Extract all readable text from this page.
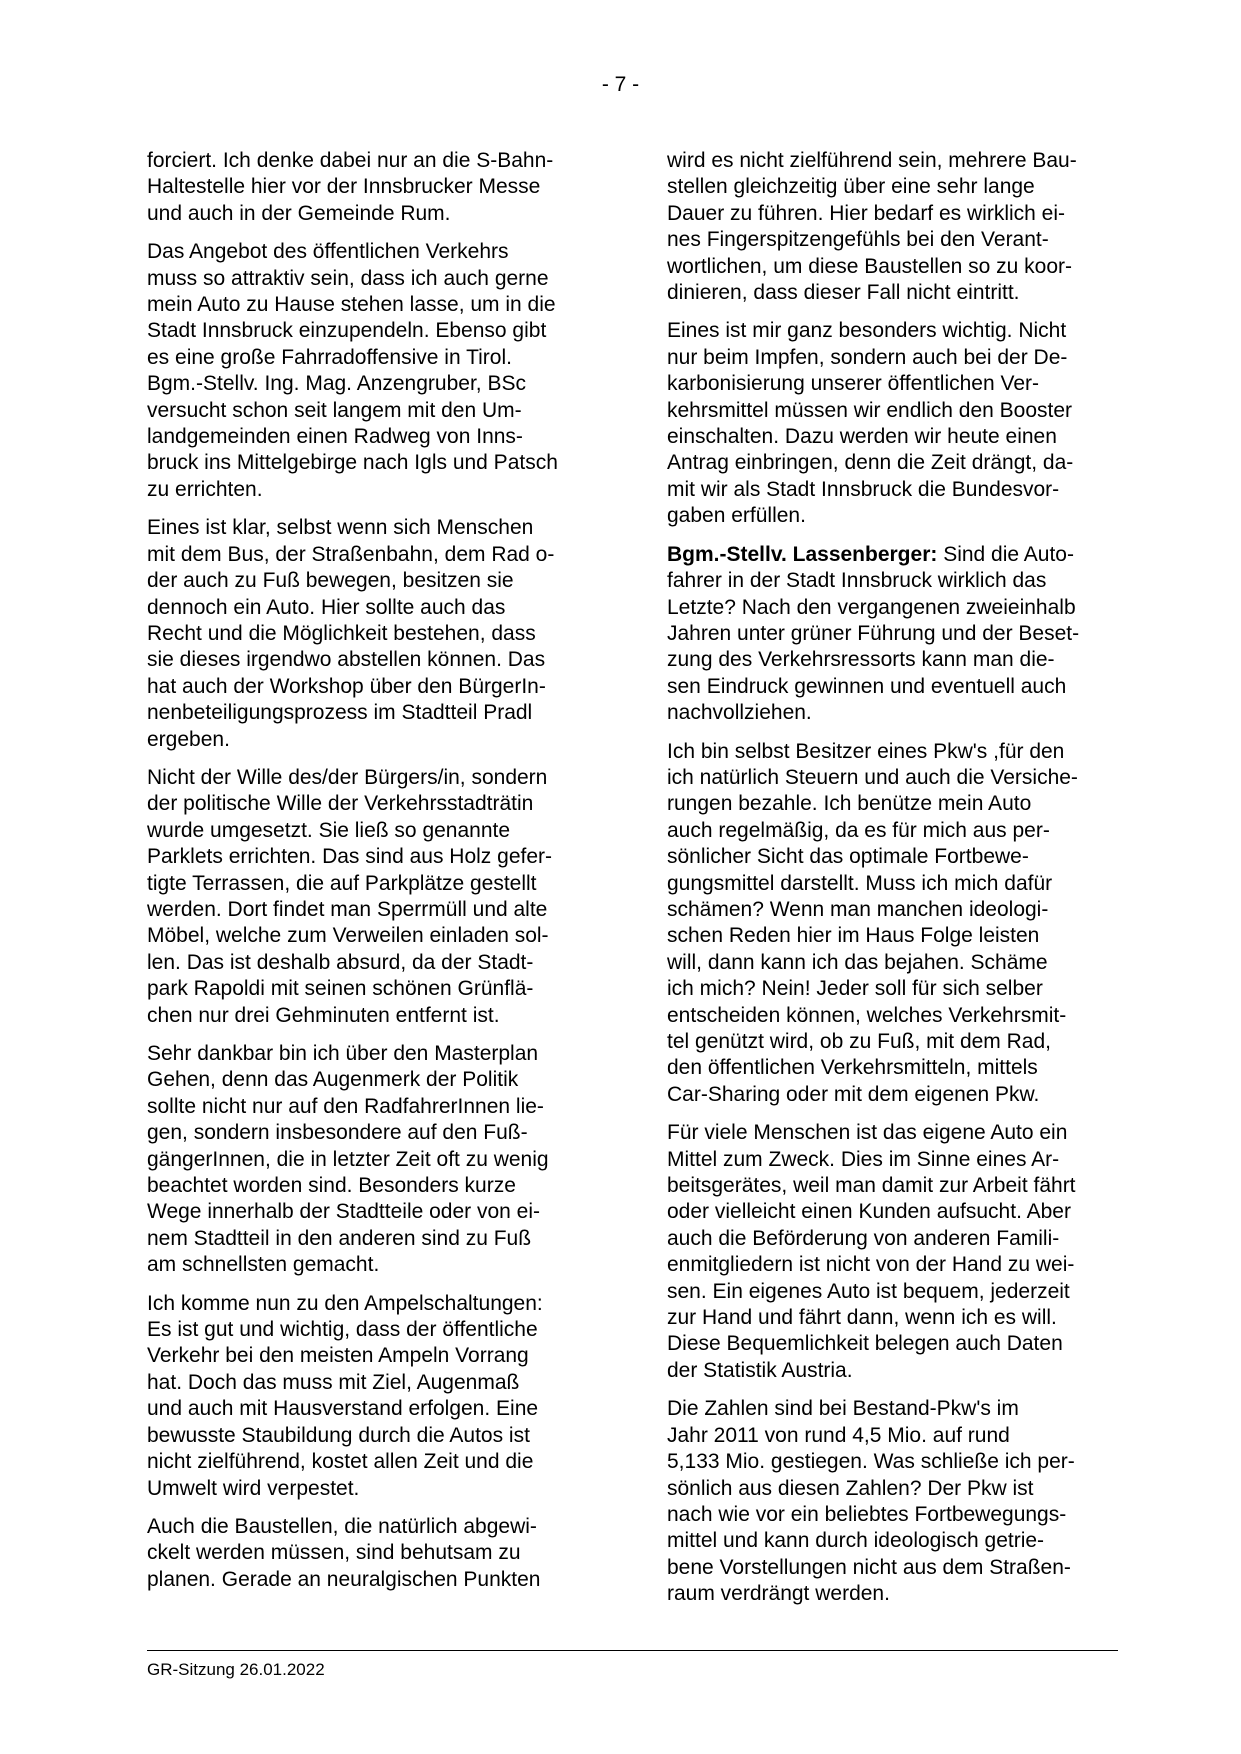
- 7 -

forciert. Ich denke dabei nur an die S-Bahn-
Haltestelle hier vor der Innsbrucker Messe
und auch in der Gemeinde Rum.

Das Angebot des öffentlichen Verkehrs
muss so attraktiv sein, dass ich auch gerne
mein Auto zu Hause stehen lasse, um in die
Stadt Innsbruck einzupendeln. Ebenso gibt
es eine große Fahrradoffensive in Tirol.
Bgm.-Stellv. Ing. Mag. Anzengruber, BSc
versucht schon seit langem mit den Um-
landgemeinden einen Radweg von Inns-
bruck ins Mittelgebirge nach Igls und Patsch
zu errichten.

Eines ist klar, selbst wenn sich Menschen
mit dem Bus, der Straßenbahn, dem Rad o-
der auch zu Fuß bewegen, besitzen sie
dennoch ein Auto. Hier sollte auch das
Recht und die Möglichkeit bestehen, dass
sie dieses irgendwo abstellen können. Das
hat auch der Workshop über den BürgerIn-
nenbeteiligungsprozess im Stadtteil Pradl
ergeben.

Nicht der Wille des/der Bürgers/in, sondern
der politische Wille der Verkehrsstadträtin
wurde umgesetzt. Sie ließ so genannte
Parklets errichten. Das sind aus Holz gefer-
tigte Terrassen, die auf Parkplätze gestellt
werden. Dort findet man Sperrmüll und alte
Möbel, welche zum Verweilen einladen sol-
len. Das ist deshalb absurd, da der Stadt-
park Rapoldi mit seinen schönen Grünflä-
chen nur drei Gehminuten entfernt ist.

Sehr dankbar bin ich über den Masterplan
Gehen, denn das Augenmerk der Politik
sollte nicht nur auf den RadfahrerInnen lie-
gen, sondern insbesondere auf den Fuß-
gängerInnen, die in letzter Zeit oft zu wenig
beachtet worden sind. Besonders kurze
Wege innerhalb der Stadtteile oder von ei-
nem Stadtteil in den anderen sind zu Fuß
am schnellsten gemacht.

Ich komme nun zu den Ampelschaltungen:
Es ist gut und wichtig, dass der öffentliche
Verkehr bei den meisten Ampeln Vorrang
hat. Doch das muss mit Ziel, Augenmaß
und auch mit Hausverstand erfolgen. Eine
bewusste Staubildung durch die Autos ist
nicht zielführend, kostet allen Zeit und die
Umwelt wird verpestet.

Auch die Baustellen, die natürlich abgewi-
ckelt werden müssen, sind behutsam zu
planen. Gerade an neuralgischen Punkten

wird es nicht zielführend sein, mehrere Bau-
stellen gleichzeitig über eine sehr lange
Dauer zu führen. Hier bedarf es wirklich ei-
nes Fingerspitzengefühls bei den Verant-
wortlichen, um diese Baustellen so zu koor-
dinieren, dass dieser Fall nicht eintritt.

Eines ist mir ganz besonders wichtig. Nicht
nur beim Impfen, sondern auch bei der De-
karbonisierung unserer öffentlichen Ver-
kehrsmittel müssen wir endlich den Booster
einschalten. Dazu werden wir heute einen
Antrag einbringen, denn die Zeit drängt, da-
mit wir als Stadt Innsbruck die Bundesvor-
gaben erfüllen.

Bgm.-Stellv. Lassenberger: Sind die Auto-
fahrer in der Stadt Innsbruck wirklich das
Letzte? Nach den vergangenen zweieinhalb
Jahren unter grüner Führung und der Beset-
zung des Verkehrsressorts kann man die-
sen Eindruck gewinnen und eventuell auch
nachvollziehen.

Ich bin selbst Besitzer eines Pkw's ,für den
ich natürlich Steuern und auch die Versiche-
rungen bezahle. Ich benütze mein Auto
auch regelmäßig, da es für mich aus per-
sönlicher Sicht das optimale Fortbewe-
gungsmittel darstellt. Muss ich mich dafür
schämen? Wenn man manchen ideologi-
schen Reden hier im Haus Folge leisten
will, dann kann ich das bejahen. Schäme
ich mich? Nein! Jeder soll für sich selber
entscheiden können, welches Verkehrsmit-
tel genützt wird, ob zu Fuß, mit dem Rad,
den öffentlichen Verkehrsmitteln, mittels
Car-Sharing oder mit dem eigenen Pkw.

Für viele Menschen ist das eigene Auto ein
Mittel zum Zweck. Dies im Sinne eines Ar-
beitsgerätes, weil man damit zur Arbeit fährt
oder vielleicht einen Kunden aufsucht. Aber
auch die Beförderung von anderen Famili-
enmitgliedern ist nicht von der Hand zu wei-
sen. Ein eigenes Auto ist bequem, jederzeit
zur Hand und fährt dann, wenn ich es will.
Diese Bequemlichkeit belegen auch Daten
der Statistik Austria.

Die Zahlen sind bei Bestand-Pkw's im
Jahr 2011 von rund 4,5 Mio. auf rund
5,133 Mio. gestiegen. Was schließe ich per-
sönlich aus diesen Zahlen? Der Pkw ist
nach wie vor ein beliebtes Fortbewegungs-
mittel und kann durch ideologisch getrie-
bene Vorstellungen nicht aus dem Straßen-
raum verdrängt werden.

GR-Sitzung 26.01.2022
